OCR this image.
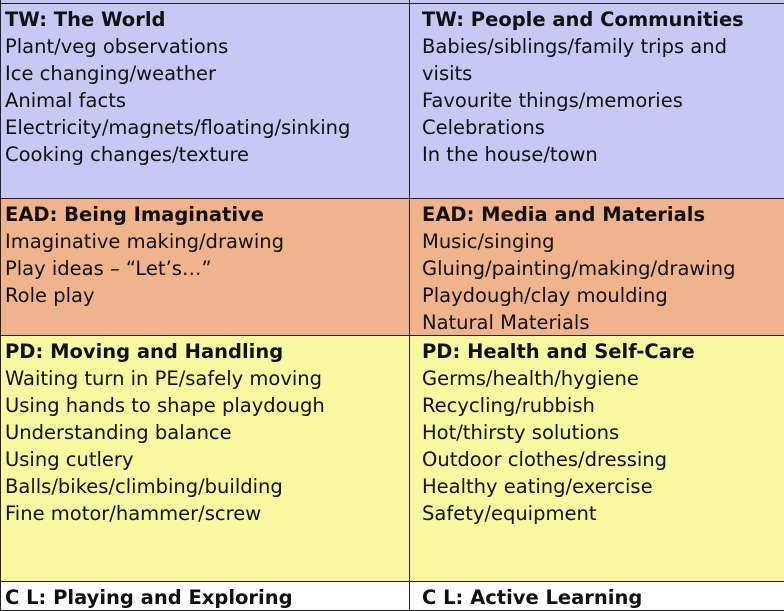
TW: The World
Plant/veg observations
Ice changing/weather
Animal facts
Electricity/magnets/floating/sinking
Cooking changes/texture
TW: People and Communities
Babies/siblings/family trips and
visits
Favourite things/memories
Celebrations
In the house/town
EAD: Being Imaginative
Imaginative making/drawing
Play ideas – “Let’s…”
Role play
EAD: Media and Materials
Music/singing
Gluing/painting/making/drawing
Playdough/clay moulding
Natural Materials
PD: Moving and Handling
Waiting turn in PE/safely moving
Using hands to shape playdough
Understanding balance
Using cutlery
Balls/bikes/climbing/building
Fine motor/hammer/screw
PD: Health and Self-Care
Germs/health/hygiene
Recycling/rubbish
Hot/thirsty solutions
Outdoor clothes/dressing
Healthy eating/exercise
Safety/equipment
C L: Playing and Exploring	C L: Active Learning
